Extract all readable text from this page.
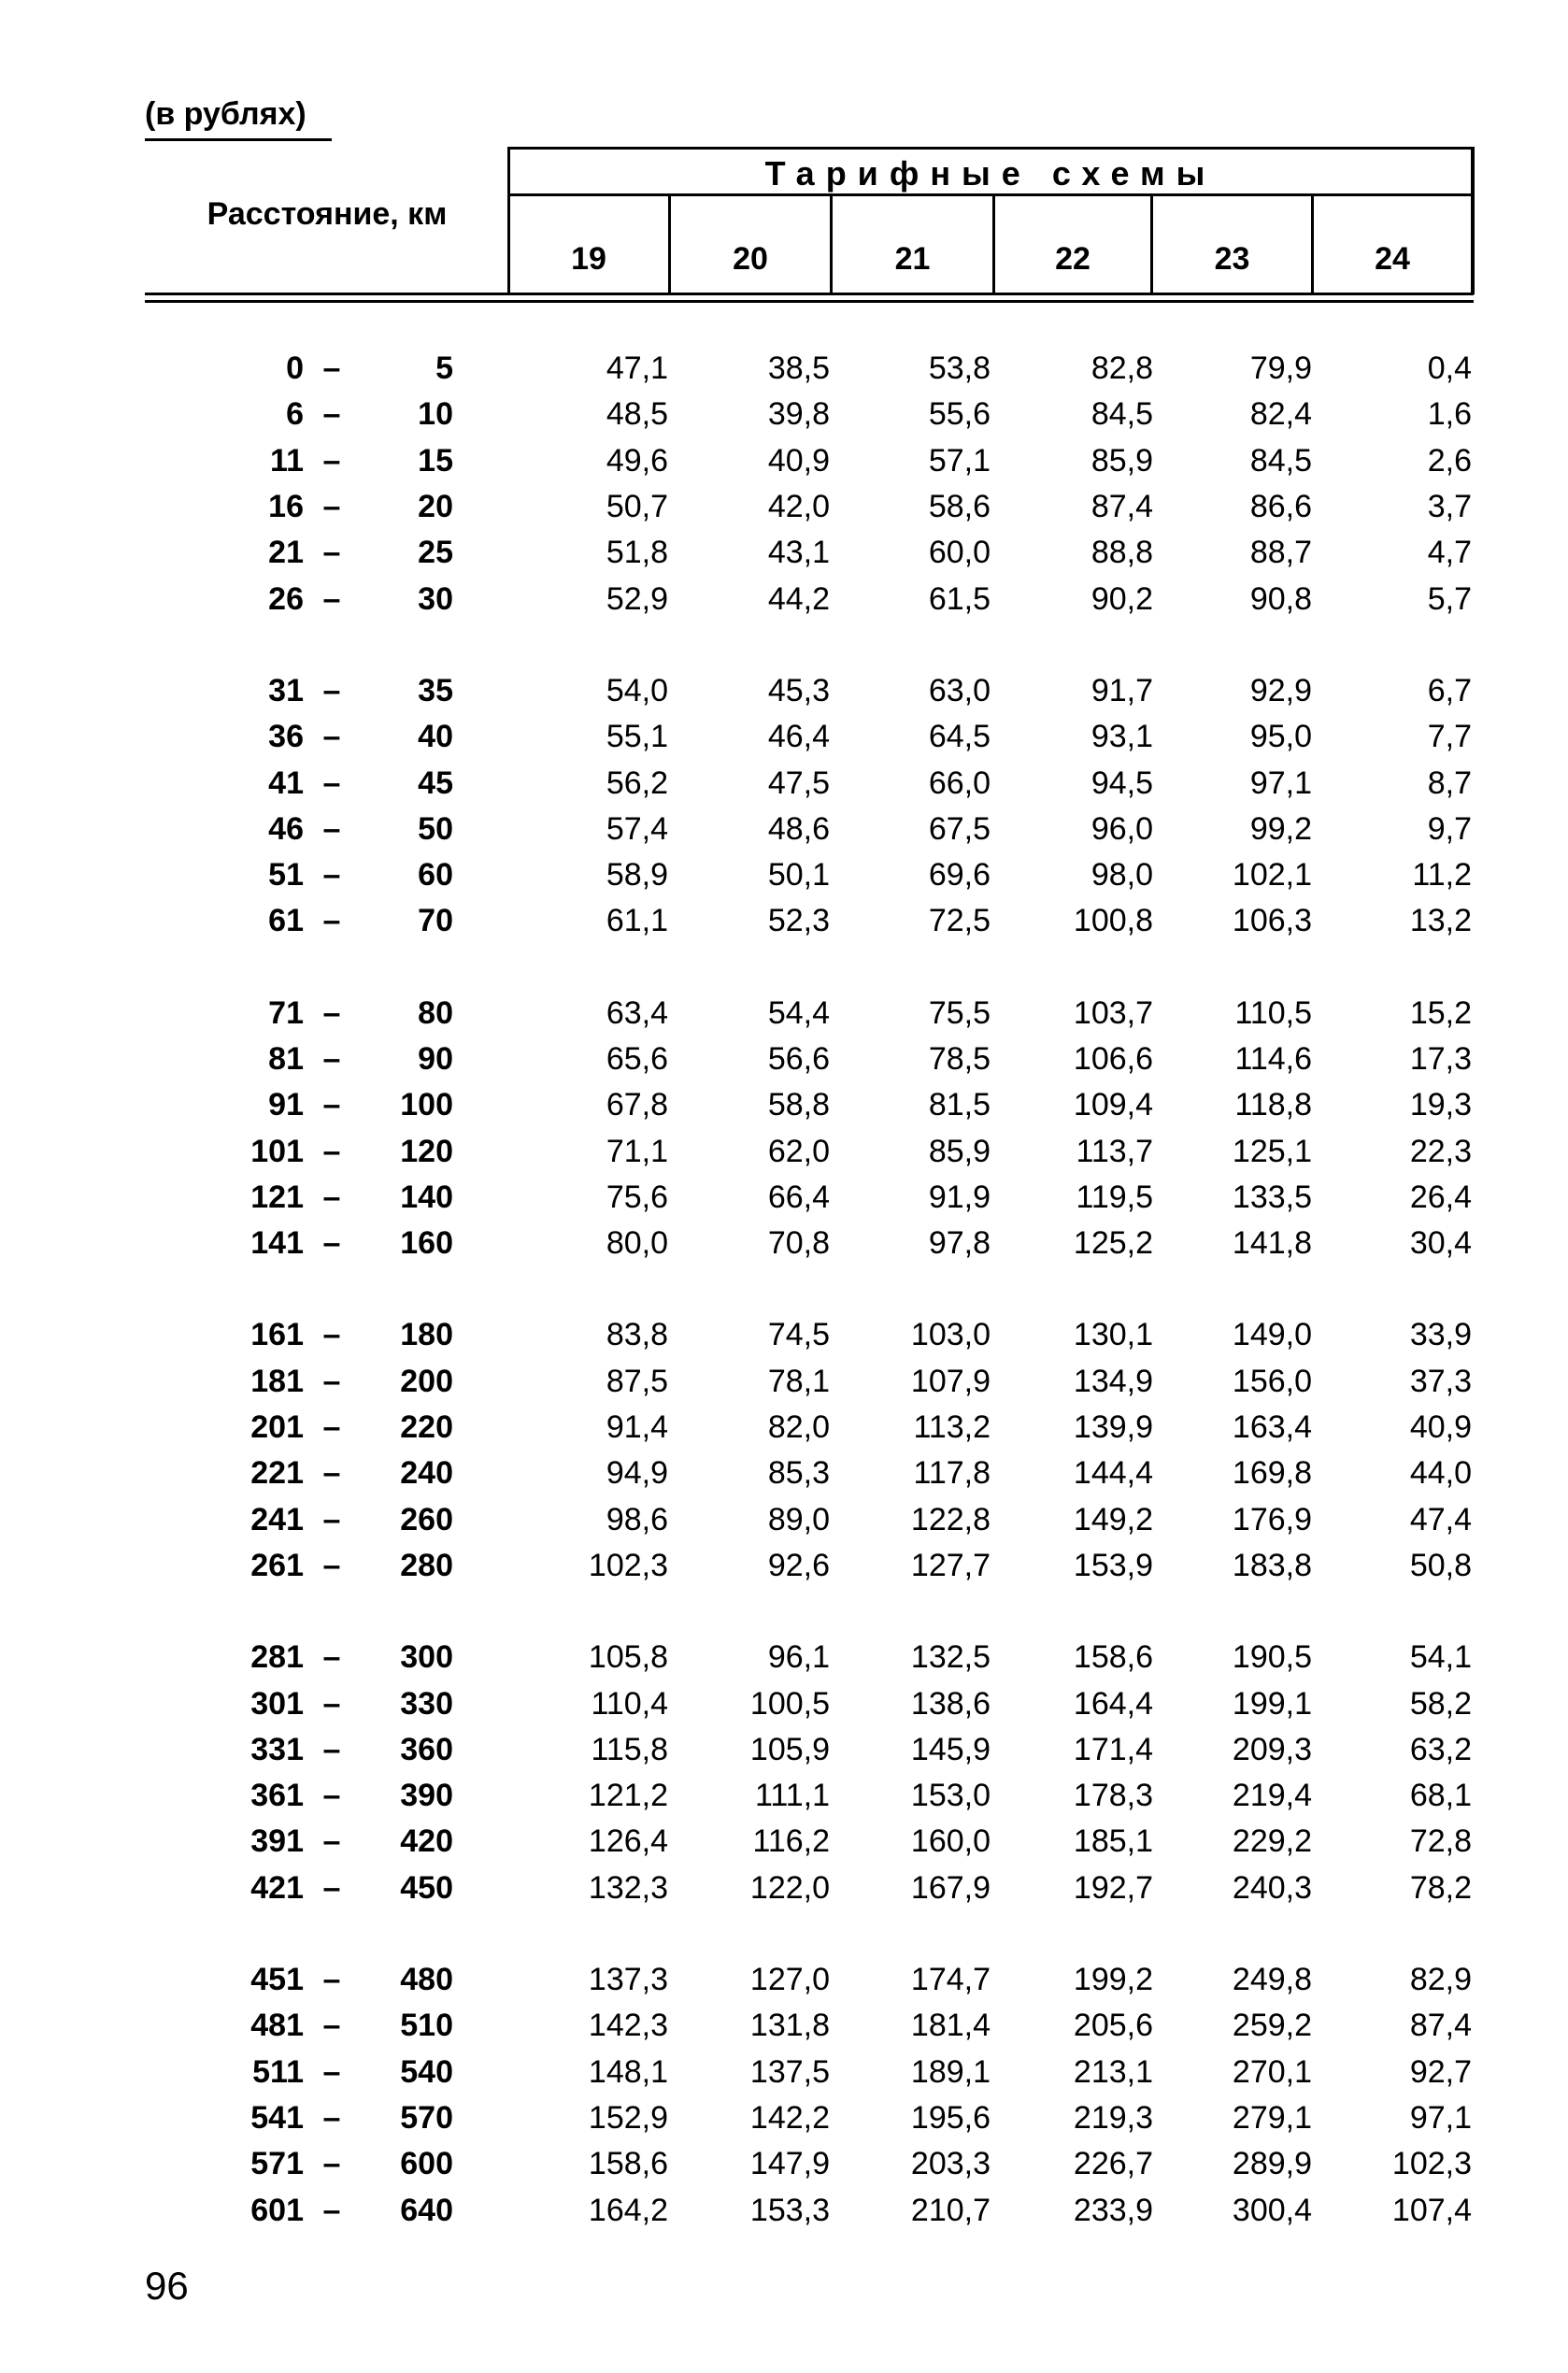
(в рублях)
Расстояние, км
Тарифные схемы
19	20	21	22	23	24
0 –	5	47,1	38,5	53,8	82,8	79,9	0,4
6 –	10	48,5	39,8	55,6	84,5	82,4	1,6
11 –	15	49,6	40,9	57,1	85,9	84,5	2,6
16 –	20	50,7	42,0	58,6	87,4	86,6	3,7
21 –	25	51,8	43,1	60,0	88,8	88,7	4,7
26 –	30	52,9	44,2	61,5	90,2	90,8	5,7
31 –	35	54,0	45,3	63,0	91,7	92,9	6,7
36 –	40	55,1	46,4	64,5	93,1	95,0	7,7
41 –	45	56,2	47,5	66,0	94,5	97,1	8,7
46 –	50	57,4	48,6	67,5	96,0	99,2	9,7
51 –	60	58,9	50,1	69,6	98,0	102,1	11,2
61 –	70	61,1	52,3	72,5	100,8	106,3	13,2
71 –	80	63,4	54,4	75,5	103,7	110,5	15,2
81 –	90	65,6	56,6	78,5	106,6	114,6	17,3
91 –	100	67,8	58,8	81,5	109,4	118,8	19,3
101 –	120	71,1	62,0	85,9	113,7	125,1	22,3
121 –	140	75,6	66,4	91,9	119,5	133,5	26,4
141 –	160	80,0	70,8	97,8	125,2	141,8	30,4
161 –	180	83,8	74,5	103,0	130,1	149,0	33,9
181 –	200	87,5	78,1	107,9	134,9	156,0	37,3
201 –	220	91,4	82,0	113,2	139,9	163,4	40,9
221 –	240	94,9	85,3	117,8	144,4	169,8	44,0
241 –	260	98,6	89,0	122,8	149,2	176,9	47,4
261 –	280	102,3	92,6	127,7	153,9	183,8	50,8
281 –	300	105,8	96,1	132,5	158,6	190,5	54,1
301 –	330	110,4	100,5	138,6	164,4	199,1	58,2
331 –	360	115,8	105,9	145,9	171,4	209,3	63,2
361 –	390	121,2	111,1	153,0	178,3	219,4	68,1
391 –	420	126,4	116,2	160,0	185,1	229,2	72,8
421 –	450	132,3	122,0	167,9	192,7	240,3	78,2
451 –	480	137,3	127,0	174,7	199,2	249,8	82,9
481 –	510	142,3	131,8	181,4	205,6	259,2	87,4
511 –	540	148,1	137,5	189,1	213,1	270,1	92,7
541 –	570	152,9	142,2	195,6	219,3	279,1	97,1
571 –	600	158,6	147,9	203,3	226,7	289,9	102,3
601 –	640	164,2	153,3	210,7	233,9	300,4	107,4
96
